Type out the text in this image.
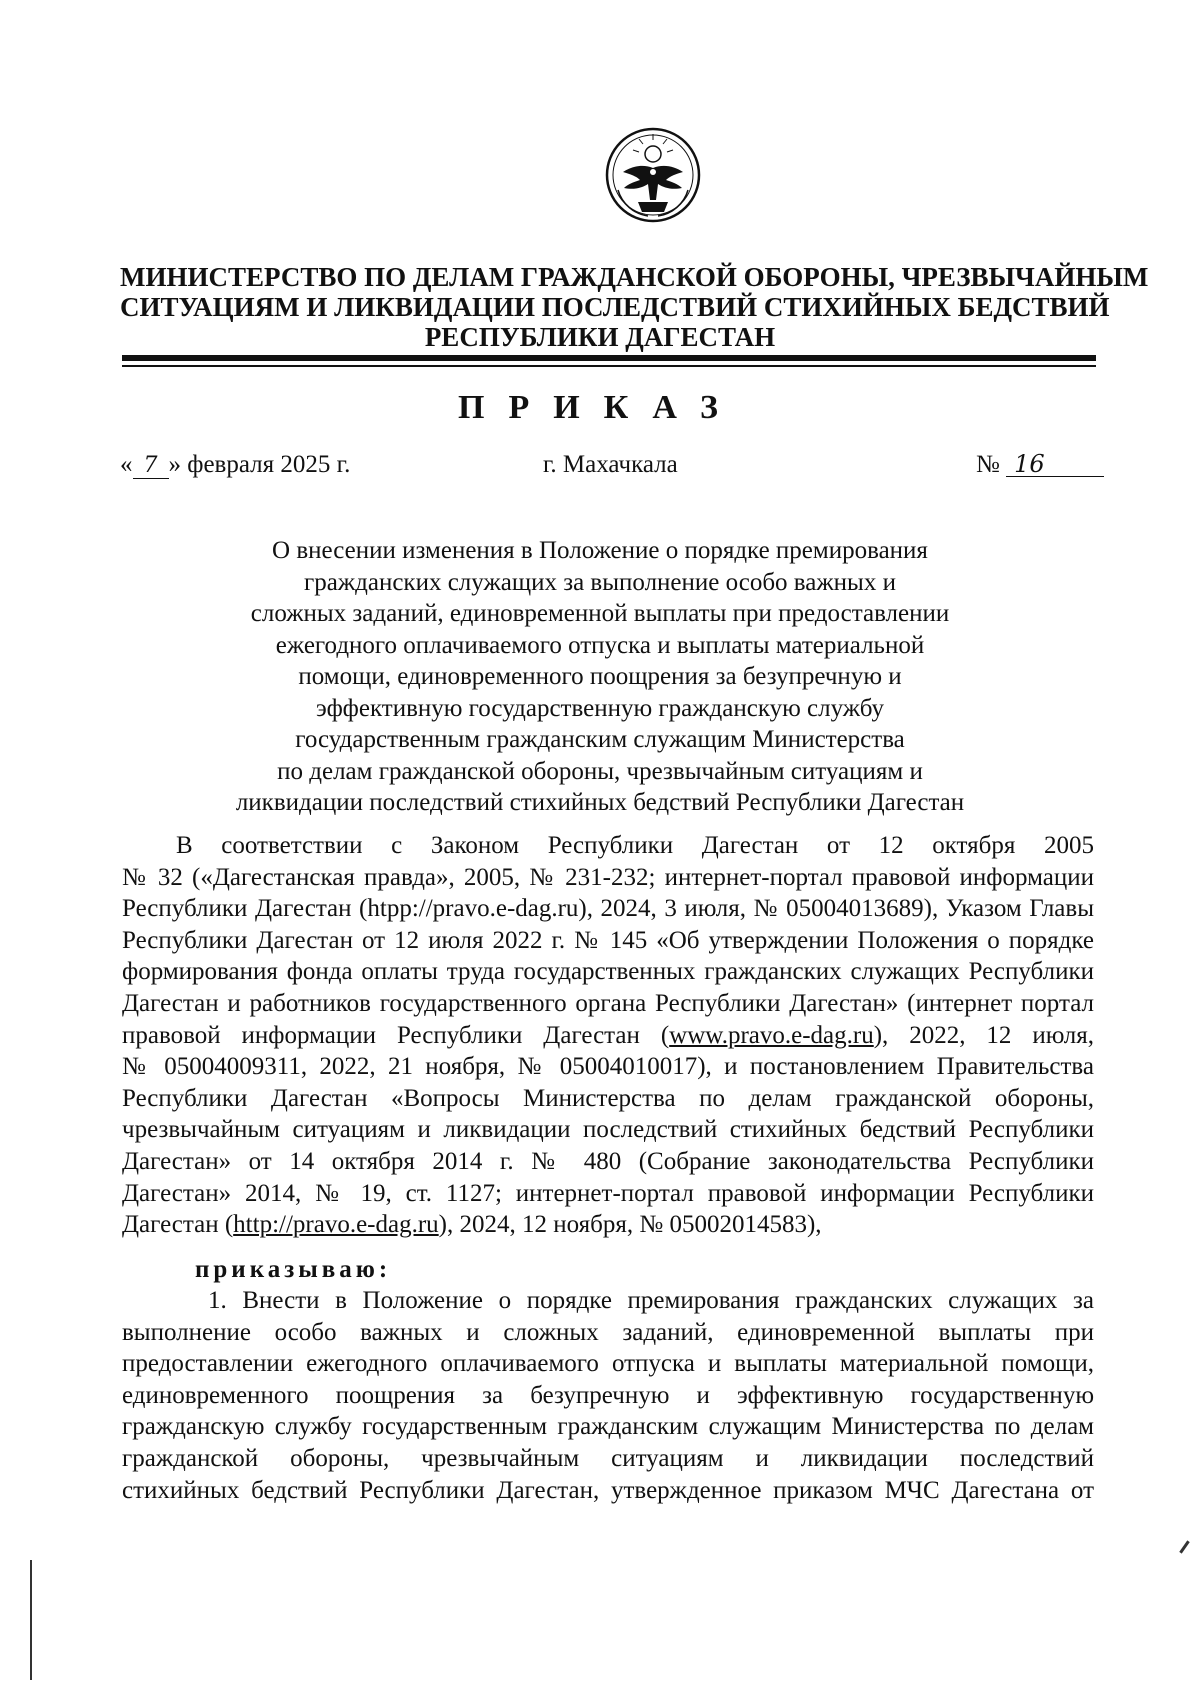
МИНИСТЕРСТВО ПО ДЕЛАМ ГРАЖДАНСКОЙ ОБОРОНЫ, ЧРЕЗВЫЧАЙНЫМ
СИТУАЦИЯМ И ЛИКВИДАЦИИ ПОСЛЕДСТВИЙ СТИХИЙНЫХ БЕДСТВИЙ
РЕСПУБЛИКИ ДАГЕСТАН
ПРИКАЗ
« 7 » февраля 2025 г.	г. Махачкала	№ 16
О внесении изменения в Положение о порядке премирования
гражданских служащих за выполнение особо важных и
сложных заданий, единовременной выплаты при предоставлении
ежегодного оплачиваемого отпуска и выплаты материальной
помощи, единовременного поощрения за безупречную и
эффективную государственную гражданскую службу
государственным гражданским служащим Министерства
по делам гражданской обороны, чрезвычайным ситуациям и
ликвидации последствий стихийных бедствий Республики Дагестан
В соответствии с Законом Республики Дагестан от 12 октября 2005
№ 32 («Дагестанская правда», 2005, № 231-232; интернет-портал правовой информации
Республики Дагестан (htpp://pravo.e-dag.ru), 2024, 3 июля, № 05004013689), Указом Главы
Республики Дагестан от 12 июля 2022 г. № 145 «Об утверждении Положения о порядке
формирования фонда оплаты труда государственных гражданских служащих Республики
Дагестан и работников государственного органа Республики Дагестан» (интернет портал
правовой информации Республики Дагестан (www.pravo.e-dag.ru), 2022, 12 июля,
№ 05004009311, 2022, 21 ноября, № 05004010017), и постановлением Правительства
Республики Дагестан «Вопросы Министерства по делам гражданской обороны,
чрезвычайным ситуациям и ликвидации последствий стихийных бедствий Республики
Дагестан» от 14 октября 2014 г. № 480 (Собрание законодательства Республики
Дагестан» 2014, № 19, ст. 1127; интернет-портал правовой информации Республики
Дагестан (http://pravo.e-dag.ru), 2024, 12 ноября, № 05002014583),
приказываю:
1. Внести в Положение о порядке премирования гражданских служащих за
выполнение особо важных и сложных заданий, единовременной выплаты при
предоставлении ежегодного оплачиваемого отпуска и выплаты материальной помощи,
единовременного поощрения за безупречную и эффективную государственную
гражданскую службу государственным гражданским служащим Министерства по делам
гражданской обороны, чрезвычайным ситуациям и ликвидации последствий
стихийных бедствий Республики Дагестан, утвержденное приказом МЧС Дагестана от
